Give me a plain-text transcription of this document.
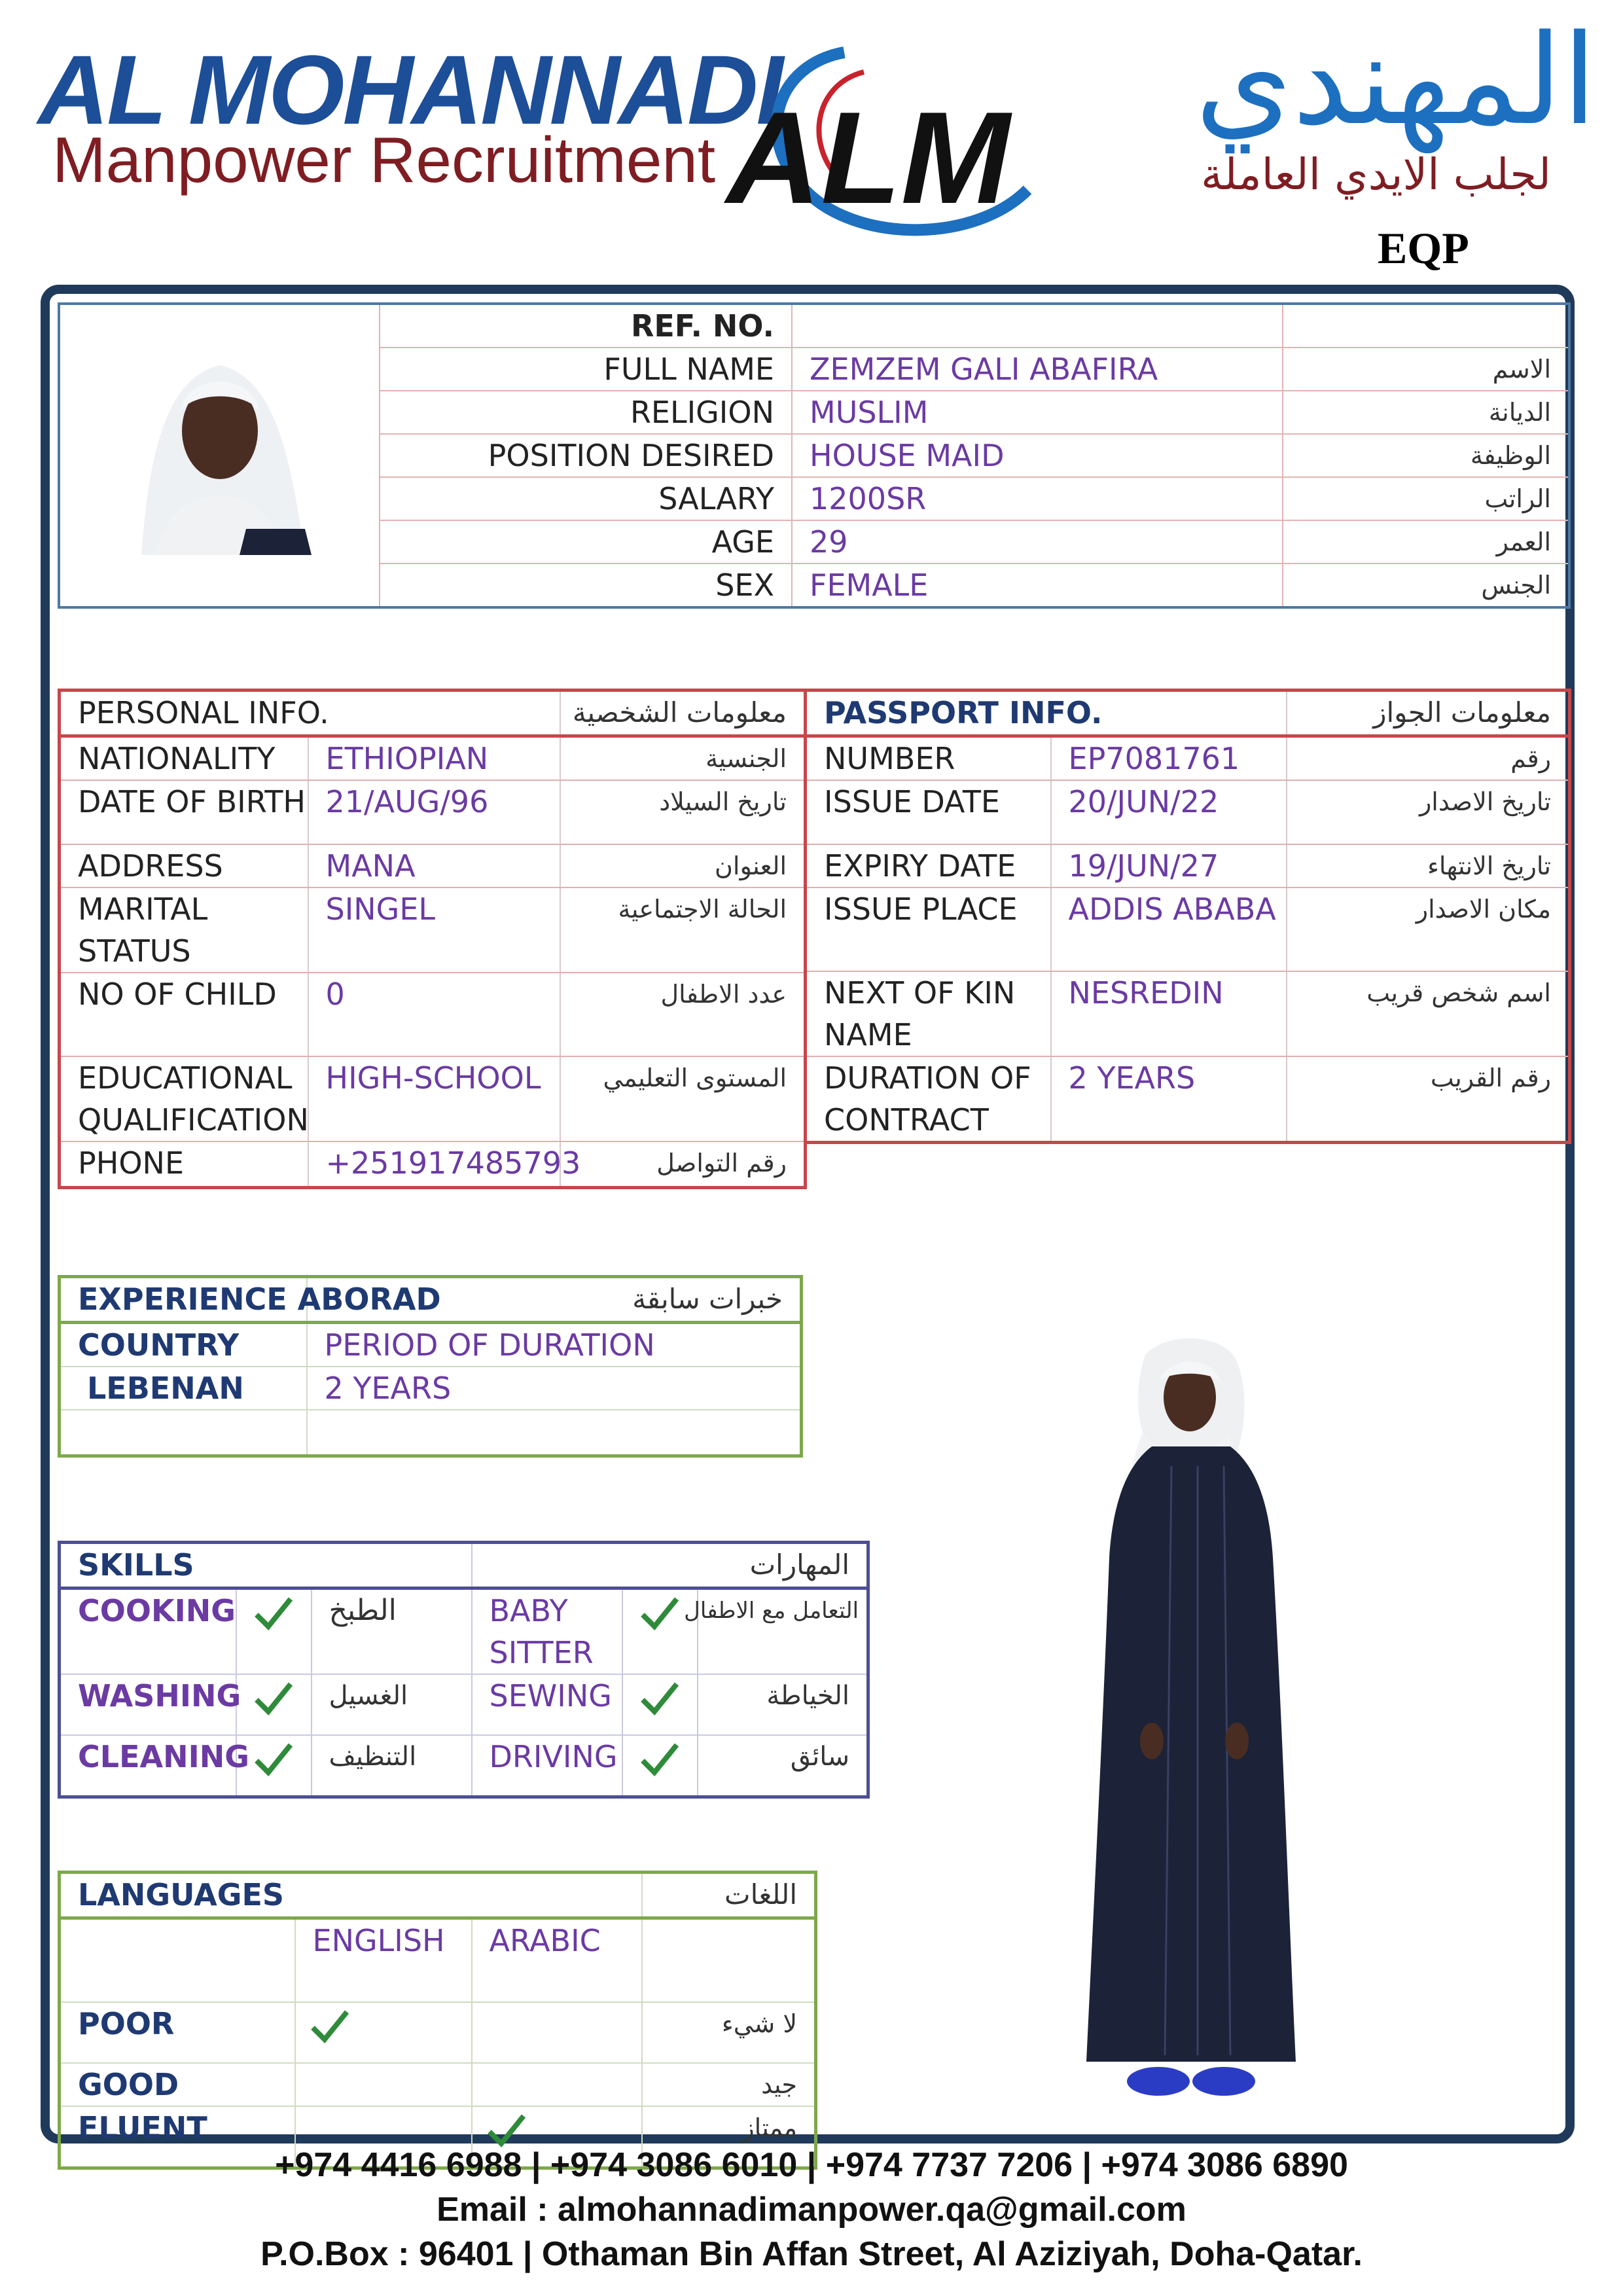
AL MOHANNADI
Manpower Recruitment ALM
المهندي
لجلب الايدي العاملة
EQP
	REF. NO.		
	FULL NAME	ZEMZEM GALI ABAFIRA	الاسم
	RELIGION	MUSLIM	الديانة
	POSITION DESIRED	HOUSE MAID	الوظيفة
	SALARY	1200SR	الراتب
	AGE	29	العمر
	SEX	FEMALE	الجنس
PERSONAL INFO.		معلومات الشخصية
NATIONALITY	ETHIOPIAN	الجنسية
DATE OF BIRTH	21/AUG/96	تاريخ السيلاد
ADDRESS	MANA	العنوان
MARITAL
STATUS	SINGEL	الحالة الاجتماعية
NO OF CHILD	0	عدد الاطفال
EDUCATIONAL
QUALIFICATION	HIGH-SCHOOL	المستوى التعليمي
PHONE	+251917485793	رقم التواصل
PASSPORT INFO.		معلومات الجواز
NUMBER	EP7081761	رقم
ISSUE DATE	20/JUN/22	تاريخ الاصدار
EXPIRY DATE	19/JUN/27	تاريخ الانتهاء
ISSUE PLACE	ADDIS ABABA	مكان الاصدار
NEXT OF KIN
NAME	NESREDIN	اسم شخص قريب
DURATION OF
CONTRACT	2 YEARS	رقم القريب
EXPERIENCE ABORAD	خبرات سابقة
COUNTRY	PERIOD OF DURATION
LEBENAN	2 YEARS

SKILLS			المهارات		
COOKING		الطبخ	BABY
SITTER		التعامل مع الاطفال
WASHING		الغسيل	SEWING		الخياطة
CLEANING		التنظيف	DRIVING		سائق
LANGUAGES			اللغات
	ENGLISH	ARABIC	
POOR			لا شيء
GOOD			جيد
FLUENT			ممتاز
+974 4416 6988 | +974 3086 6010 | +974 7737 7206 | +974 3086 6890
Email : almohannadimanpower.qa@gmail.com
P.O.Box : 96401 | Othaman Bin Affan Street, Al Aziziyah, Doha-Qatar.
